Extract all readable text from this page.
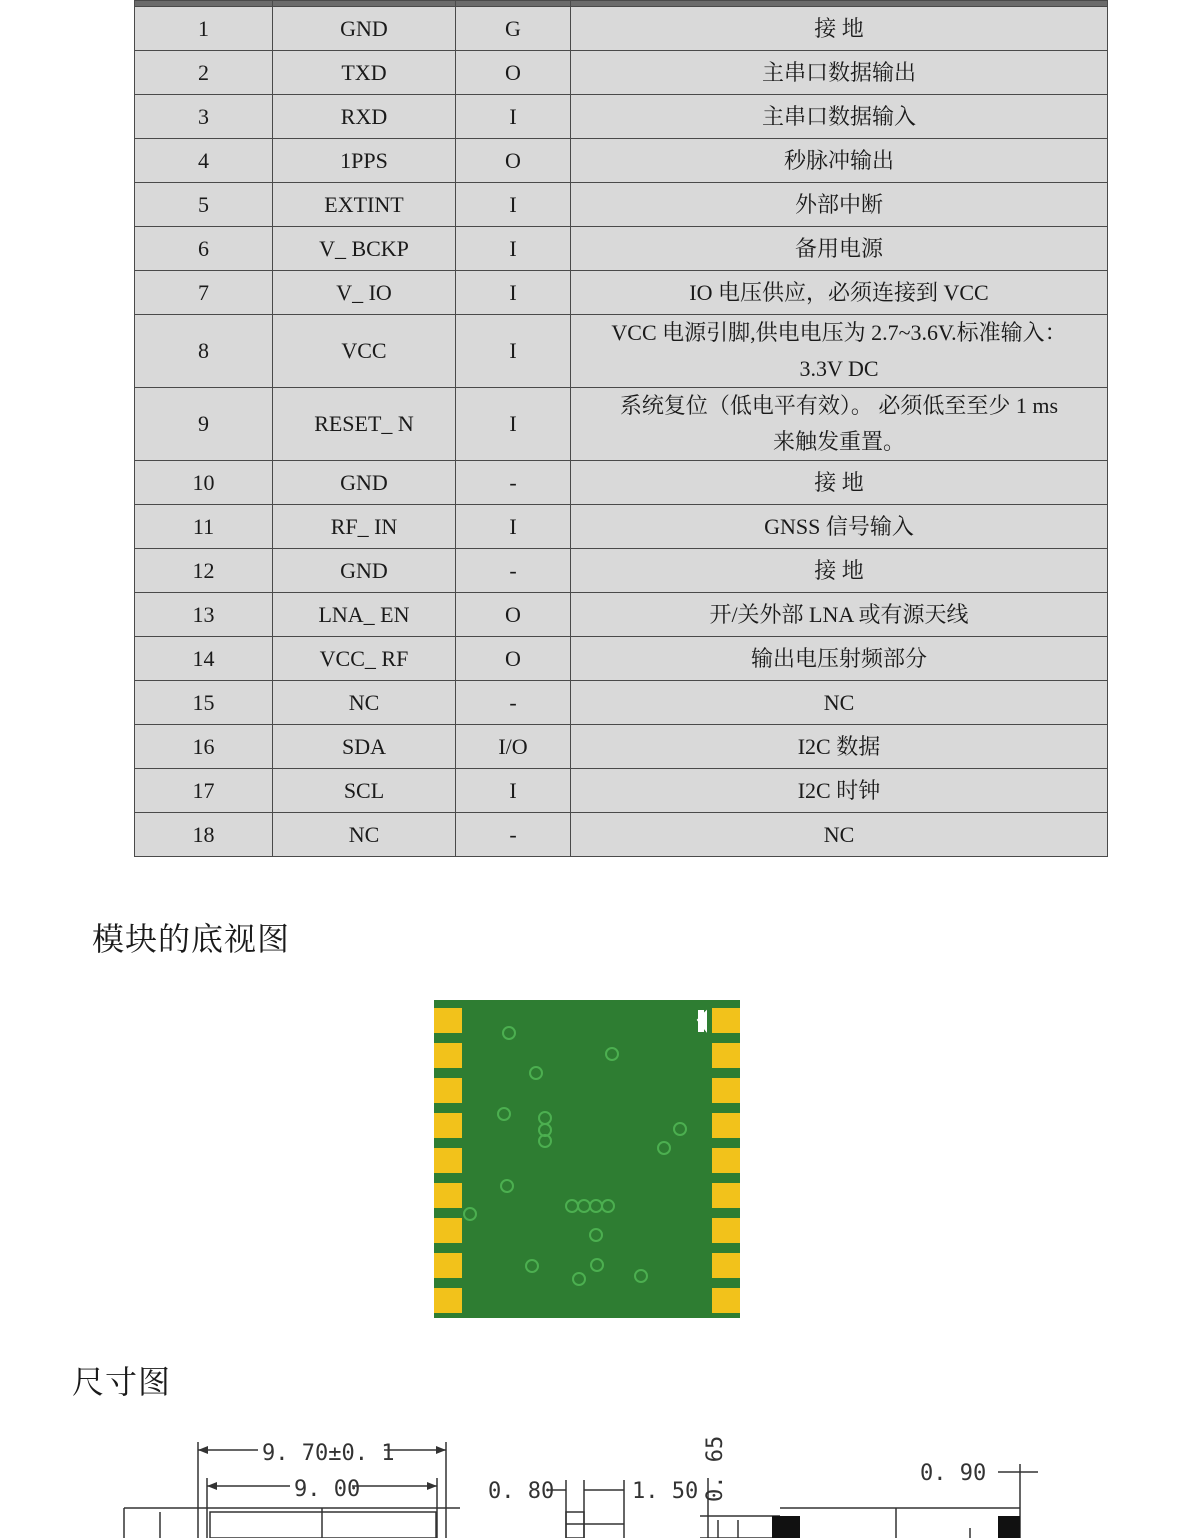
1	GND	G	接 地

2	TXD	O	主串口数据输出

3	RXD	I	主串口数据输入

4	1PPS	O	秒脉冲输出

5	EXTINT	I	外部中断

6	V_ BCKP	I	备用电源

7	V_ IO	I	IO 电压供应，必须连接到 VCC

8	VCC	I	VCC 电源引脚,供电电压为 2.7~3.6V.标准输入：
3.3V DC

9	RESET_ N	I	系统复位（低电平有效）。 必须低至至少 1 ms
来触发重置。

10	GND	-	接 地

11	RF_ IN	I	GNSS 信号输入

12	GND	-	接 地

13	LNA_ EN	O	开/关外部 LNA 或有源天线

14	VCC_ RF	O	输出电压射频部分

15	NC	-	NC

16	SDA	I/O	I2C 数据

17	SCL	I	I2C 时钟

18	NC	-	NC
模块的底视图
尺寸图
9. 70±0. 1
9. 00	0. 80	1. 50 0. 65	0. 90
